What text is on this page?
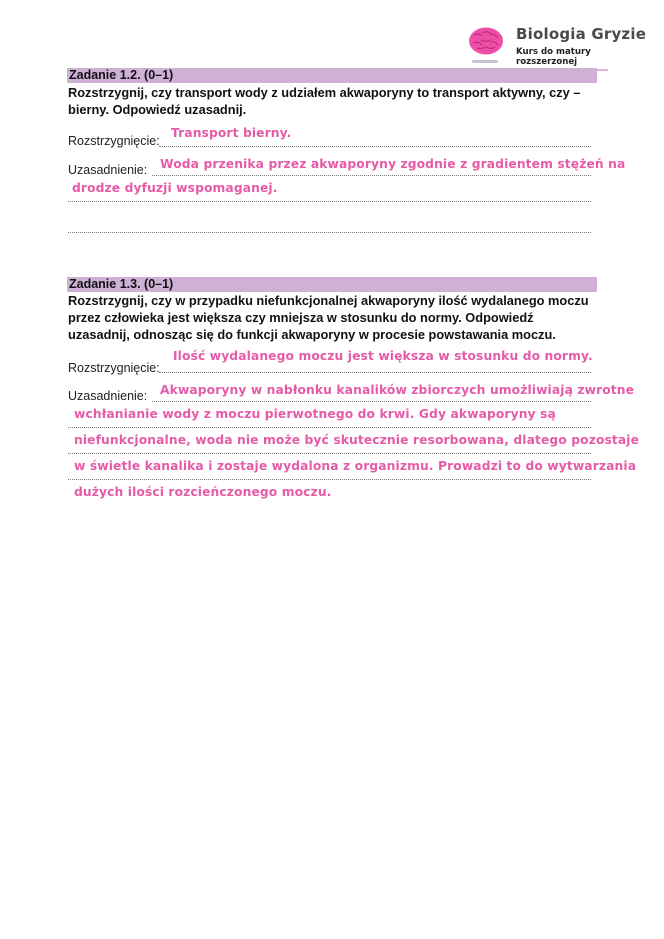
Biologia Gryzie
Kurs do matury rozszerzonej
Zadanie 1.2. (0–1)
Rozstrzygnij, czy transport wody z udziałem akwaporyny to transport aktywny, czy –
bierny. Odpowiedź uzasadnij.
Rozstrzygnięcie:
Transport bierny.
Uzasadnienie: Woda przenika przez akwaporyny zgodnie z gradientem stężeń na
drodze dyfuzji wspomaganej.
Zadanie 1.3. (0–1)
Rozstrzygnij, czy w przypadku niefunkcjonalnej akwaporyny ilość wydalanego moczu
przez człowieka jest większa czy mniejsza w stosunku do normy. Odpowiedź
uzasadnij, odnosząc się do funkcji akwaporyny w procesie powstawania moczu.
Rozstrzygnięcie:
Ilość wydalanego moczu jest większa w stosunku do normy.
Uzasadnienie: Akwaporyny w nabłonku kanalików zbiorczych umożliwiają zwrotne
wchłanianie wody z moczu pierwotnego do krwi. Gdy akwaporyny są
niefunkcjonalne, woda nie może być skutecznie resorbowana, dlatego pozostaje
w świetle kanalika i zostaje wydalona z organizmu. Prowadzi to do wytwarzania
dużych ilości rozcieńczonego moczu.
